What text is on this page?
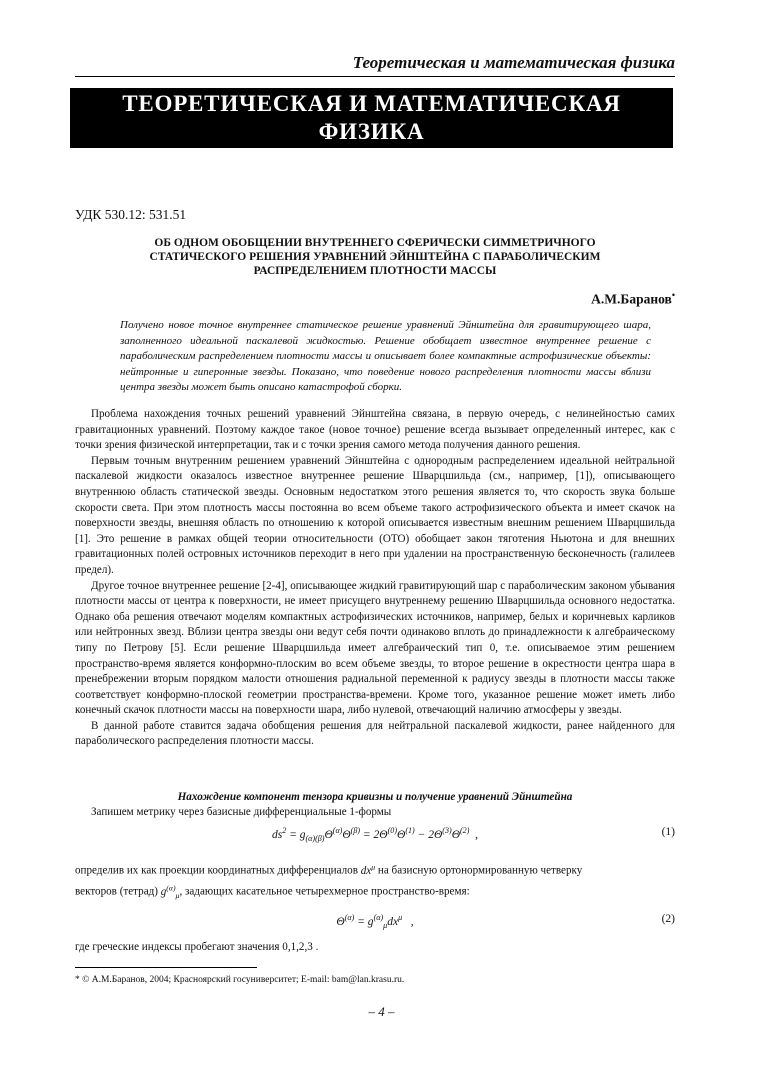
Теоретическая и математическая физика
ТЕОРЕТИЧЕСКАЯ И МАТЕМАТИЧЕСКАЯ
ФИЗИКА
УДК 530.12: 531.51
ОБ ОДНОМ ОБОБЩЕНИИ ВНУТРЕННЕГО СФЕРИЧЕСКИ СИММЕТРИЧНОГО
СТАТИЧЕСКОГО РЕШЕНИЯ УРАВНЕНИЙ ЭЙНШТЕЙНА С ПАРАБОЛИЧЕСКИМ
РАСПРЕДЕЛЕНИЕМ ПЛОТНОСТИ МАССЫ
А.М.Баранов•

Получено новое точное внутреннее статическое решение уравнений Эйнштейна для гравитирующего шара, заполненного идеальной паскалевой жидкостью. Решение обобщает известное внутреннее решение с параболическим распределением плотности массы и описывает более компактные астрофизические объекты: нейтронные и гиперонные звезды. Показано, что поведение нового распределения плотности массы вблизи центра звезды может быть описано катастрофой сборки.

Проблема нахождения точных решений уравнений Эйнштейна связана, в первую очередь, с нелинейностью самих гравитационных уравнений. Поэтому каждое такое (новое точное) решение всегда вызывает определенный интерес, как с точки зрения физической интерпретации, так и с точки зрения самого метода получения данного решения.

Первым точным внутренним решением уравнений Эйнштейна с однородным распределением идеальной нейтральной паскалевой жидкости оказалось известное внутреннее решение Шварцшильда (см., например, [1]), описывающего внутреннюю область статической звезды. Основным недостатком этого решения является то, что скорость звука больше скорости света. При этом плотность массы постоянна во всем объеме такого астрофизического объекта и имеет скачок на поверхности звезды, внешняя область по отношению к которой описывается известным внешним решением Шварцшильда [1]. Это решение в рамках общей теории относительности (ОТО) обобщает закон тяготения Ньютона и для внешних гравитационных полей островных источников переходит в него при удалении на пространственную бесконечность (галилеев предел).

Другое точное внутреннее решение [2-4], описывающее жидкий гравитирующий шар с параболическим законом убывания плотности массы от центра к поверхности, не имеет присущего внутреннему решению Шварцшильда основного недостатка. Однако оба решения отвечают моделям компактных астрофизических источников, например, белых и коричневых карликов или нейтронных звезд. Вблизи центра звезды они ведут себя почти одинаково вплоть до принадлежности к алгебраическому типу по Петрову [5]. Если решение Шварцшильда имеет алгебраический тип 0, т.е. описываемое этим решением пространство-время является конформно-плоским во всем объеме звезды, то второе решение в окрестности центра шара в пренебрежении вторым порядком малости отношения радиальной переменной к радиусу звезды в плотности массы также соответствует конформно-плоской геометрии пространства-времени. Кроме того, указанное решение может иметь либо конечный скачок плотности массы на поверхности шара, либо нулевой, отвечающий наличию атмосферы у звезды.

В данной работе ставится задача обобщения решения для нейтральной паскалевой жидкости, ранее найденного для параболического распределения плотности массы.

Нахождение компонент тензора кривизны и получение уравнений Эйнштейна
Запишем метрику через базисные дифференциальные 1-формы
$ds^2 = g_{(\alpha)(\beta)}\Theta^{(\alpha)}\Theta^{(\beta)} = 2\Theta^{(0)}\Theta^{(1)} - 2\Theta^{(3)}\Theta^{(2)}$  ,	(1)
определив их как проекции координатных дифференциалов $dx^\mu$ на базисную ортонормированную четверку
векторов (тетрад) $g^{(\alpha)}_\mu$, задающих касательное четырехмерное пространство-время:
$\Theta^{(\alpha)} = g^{(\alpha)}_\mu dx^\mu$   ,	(2)
где греческие индексы пробегают значения 0,1,2,3 .
* © А.М.Баранов, 2004; Красноярский госуниверситет; E-mail: bam@lan.krasu.ru.
– 4 –
